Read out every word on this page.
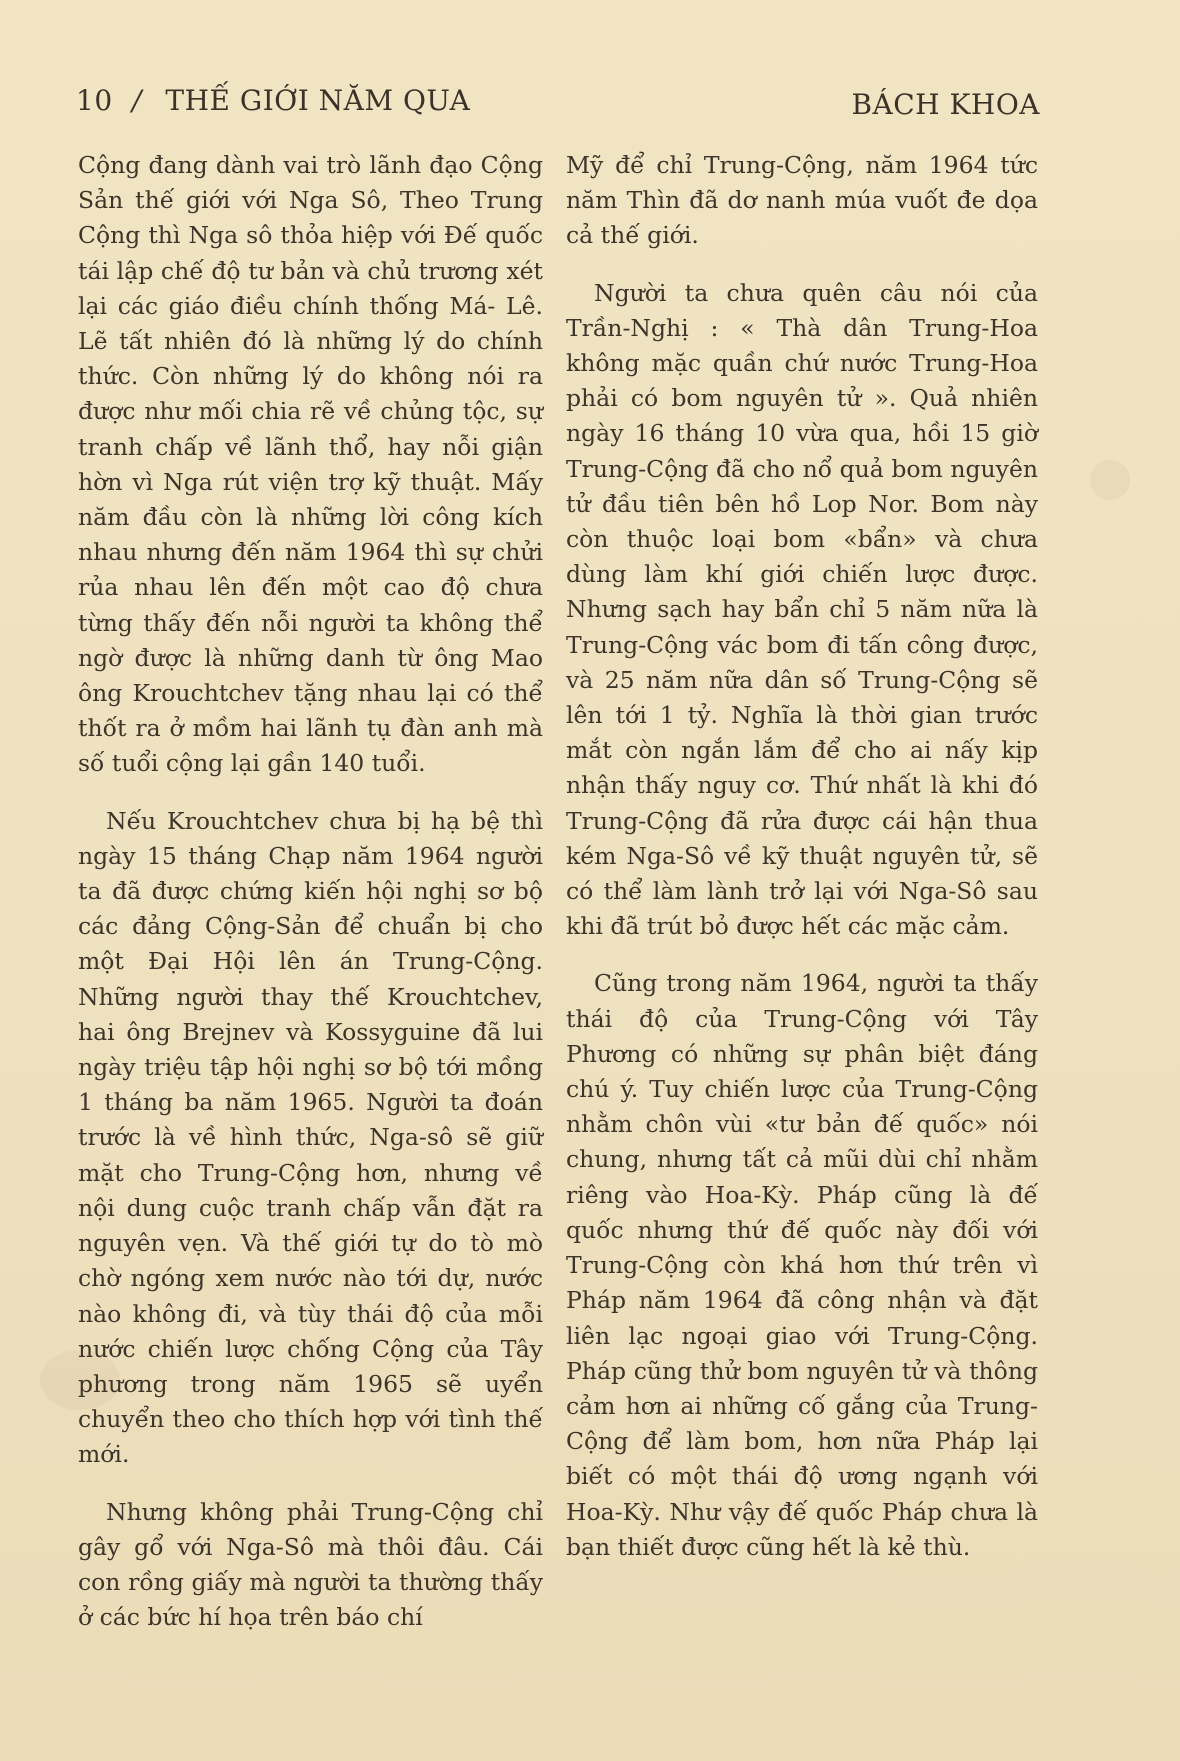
10 / THẾ GIỚI NĂM QUA	BÁCH KHOA

Cộng đang dành vai trò lãnh đạo Cộng Sản thế giới với Nga Sô, Theo Trung Cộng thì Nga sô thỏa hiệp với Đế quốc tái lập chế độ tư bản và chủ trương xét lại các giáo điều chính thống Má- Lê. Lẽ tất nhiên đó là những lý do chính thức. Còn những lý do không nói ra được như mối chia rẽ về chủng tộc, sự tranh chấp về lãnh thổ, hay nỗi giận hờn vì Nga rút viện trợ kỹ thuật. Mấy năm đầu còn là những lời công kích nhau nhưng đến năm 1964 thì sự chửi rủa nhau lên đến một cao độ chưa từng thấy đến nỗi người ta không thể ngờ được là những danh từ ông Mao ông Krouchtchev tặng nhau lại có thể thốt ra ở mồm hai lãnh tụ đàn anh mà số tuổi cộng lại gần 140 tuổi.

Nếu Krouchtchev chưa bị hạ bệ thì ngày 15 tháng Chạp năm 1964 người ta đã được chứng kiến hội nghị sơ bộ các đảng Cộng-Sản để chuẩn bị cho một Đại Hội lên án Trung-Cộng. Những người thay thế Krouchtchev, hai ông Brejnev và Kossyguine đã lui ngày triệu tập hội nghị sơ bộ tới mồng 1 tháng ba năm 1965. Người ta đoán trước là về hình thức, Nga-sô sẽ giữ mặt cho Trung-Cộng hơn, nhưng về nội dung cuộc tranh chấp vẫn đặt ra nguyên vẹn. Và thế giới tự do tò mò chờ ngóng xem nước nào tới dự, nước nào không đi, và tùy thái độ của mỗi nước chiến lược chống Cộng của Tây phương trong năm 1965 sẽ uyển chuyển theo cho thích hợp với tình thế mới.

Nhưng không phải Trung-Cộng chỉ gây gổ với Nga-Sô mà thôi đâu. Cái con rồng giấy mà người ta thường thấy ở các bức hí họa trên báo chí

Mỹ để chỉ Trung-Cộng, năm 1964 tức năm Thìn đã dơ nanh múa vuốt đe dọa cả thế giới.

Người ta chưa quên câu nói của Trần-Nghị : « Thà dân Trung-Hoa không mặc quần chứ nước Trung-Hoa phải có bom nguyên tử ». Quả nhiên ngày 16 tháng 10 vừa qua, hồi 15 giờ Trung-Cộng đã cho nổ quả bom nguyên tử đầu tiên bên hồ Lop Nor. Bom này còn thuộc loại bom «bẩn» và chưa dùng làm khí giới chiến lược được. Nhưng sạch hay bẩn chỉ 5 năm nữa là Trung-Cộng vác bom đi tấn công được, và 25 năm nữa dân số Trung-Cộng sẽ lên tới 1 tỷ. Nghĩa là thời gian trước mắt còn ngắn lắm để cho ai nấy kịp nhận thấy nguy cơ. Thứ nhất là khi đó Trung-Cộng đã rửa được cái hận thua kém Nga-Sô về kỹ thuật nguyên tử, sẽ có thể làm lành trở lại với Nga-Sô sau khi đã trút bỏ được hết các mặc cảm.

Cũng trong năm 1964, người ta thấy thái độ của Trung-Cộng với Tây Phương có những sự phân biệt đáng chú ý. Tuy chiến lược của Trung-Cộng nhằm chôn vùi «tư bản đế quốc» nói chung, nhưng tất cả mũi dùi chỉ nhằm riêng vào Hoa-Kỳ. Pháp cũng là đế quốc nhưng thứ đế quốc này đối với Trung-Cộng còn khá hơn thứ trên vì Pháp năm 1964 đã công nhận và đặt liên lạc ngoại giao với Trung-Cộng. Pháp cũng thử bom nguyên tử và thông cảm hơn ai những cố gắng của Trung-Cộng để làm bom, hơn nữa Pháp lại biết có một thái độ ương ngạnh với Hoa-Kỳ. Như vậy đế quốc Pháp chưa là bạn thiết được cũng hết là kẻ thù.
